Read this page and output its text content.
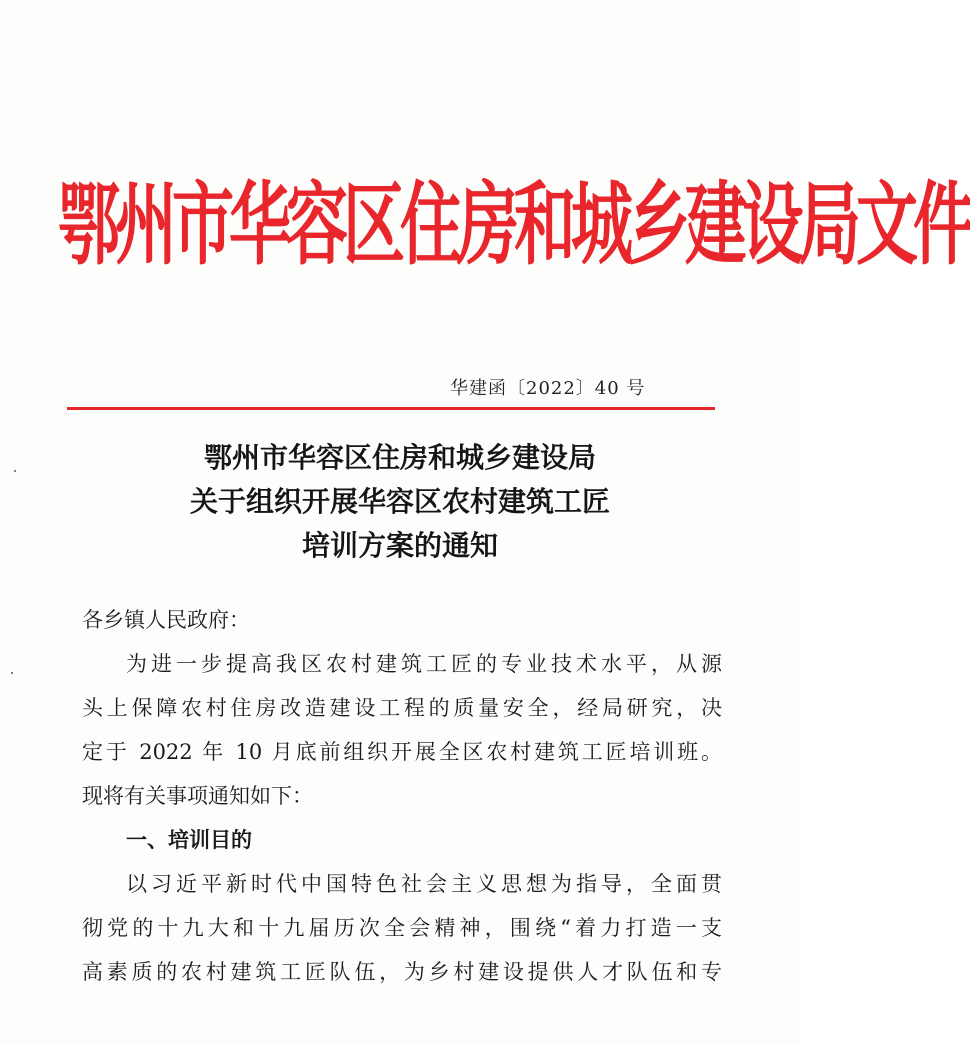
鄂州市华容区住房和城乡建设局文件
华建函〔2022〕40 号
鄂州市华容区住房和城乡建设局
关于组织开展华容区农村建筑工匠
培训方案的通知
各乡镇人民政府：
为进一步提高我区农村建筑工匠的专业技术水平，从源
头上保障农村住房改造建设工程的质量安全，经局研究，决
定于 2022 年 10 月底前组织开展全区农村建筑工匠培训班。
现将有关事项通知如下：
一、培训目的
以习近平新时代中国特色社会主义思想为指导，全面贯
彻党的十九大和十九届历次全会精神，围绕“着力打造一支
高素质的农村建筑工匠队伍，为乡村建设提供人才队伍和专
